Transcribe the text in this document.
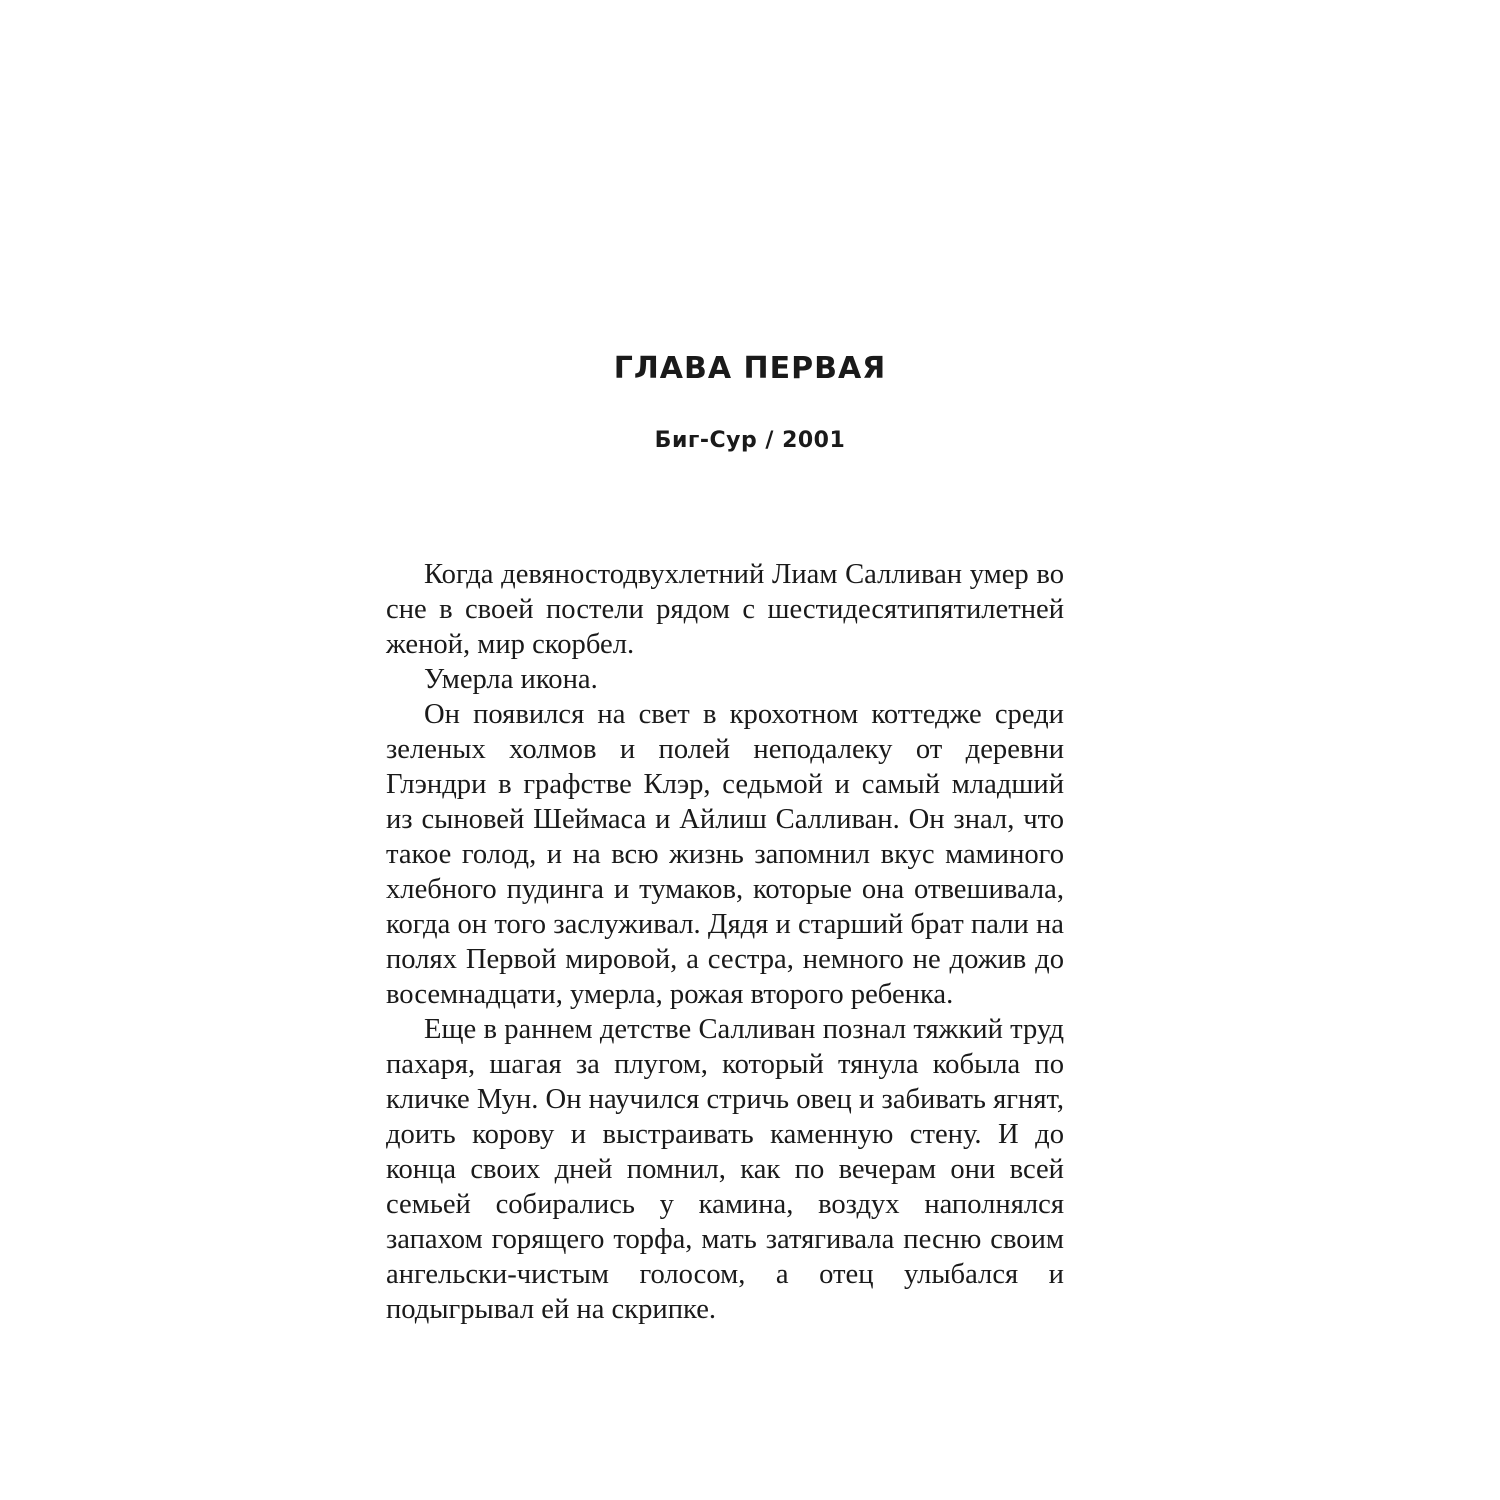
ГЛАВА ПЕРВАЯ
Биг-Сур / 2001

Когда девяностодвухлетний Лиам Салливан умер во сне в своей постели рядом с шестидесятипятилетней женой, мир скорбел.

Умерла икона.

Он появился на свет в крохотном коттедже среди зеленых холмов и полей неподалеку от деревни Глэндри в графстве Клэр, седьмой и самый младший из сыновей Шеймаса и Айлиш Салливан. Он знал, что такое голод, и на всю жизнь запомнил вкус маминого хлебного пудинга и тумаков, которые она отвешивала, когда он того заслуживал. Дядя и старший брат пали на полях Первой мировой, а сестра, немного не дожив до восемнадцати, умерла, рожая второго ребенка.

Еще в раннем детстве Салливан познал тяжкий труд пахаря, шагая за плугом, который тянула кобыла по кличке Мун. Он научился стричь овец и забивать ягнят, доить корову и выстраивать каменную стену. И до конца своих дней помнил, как по вечерам они всей семьей собирались у камина, воздух наполнялся запахом горящего торфа, мать затягивала песню своим ангельски-чистым голосом, а отец улыбался и подыгрывал ей на скрипке.
